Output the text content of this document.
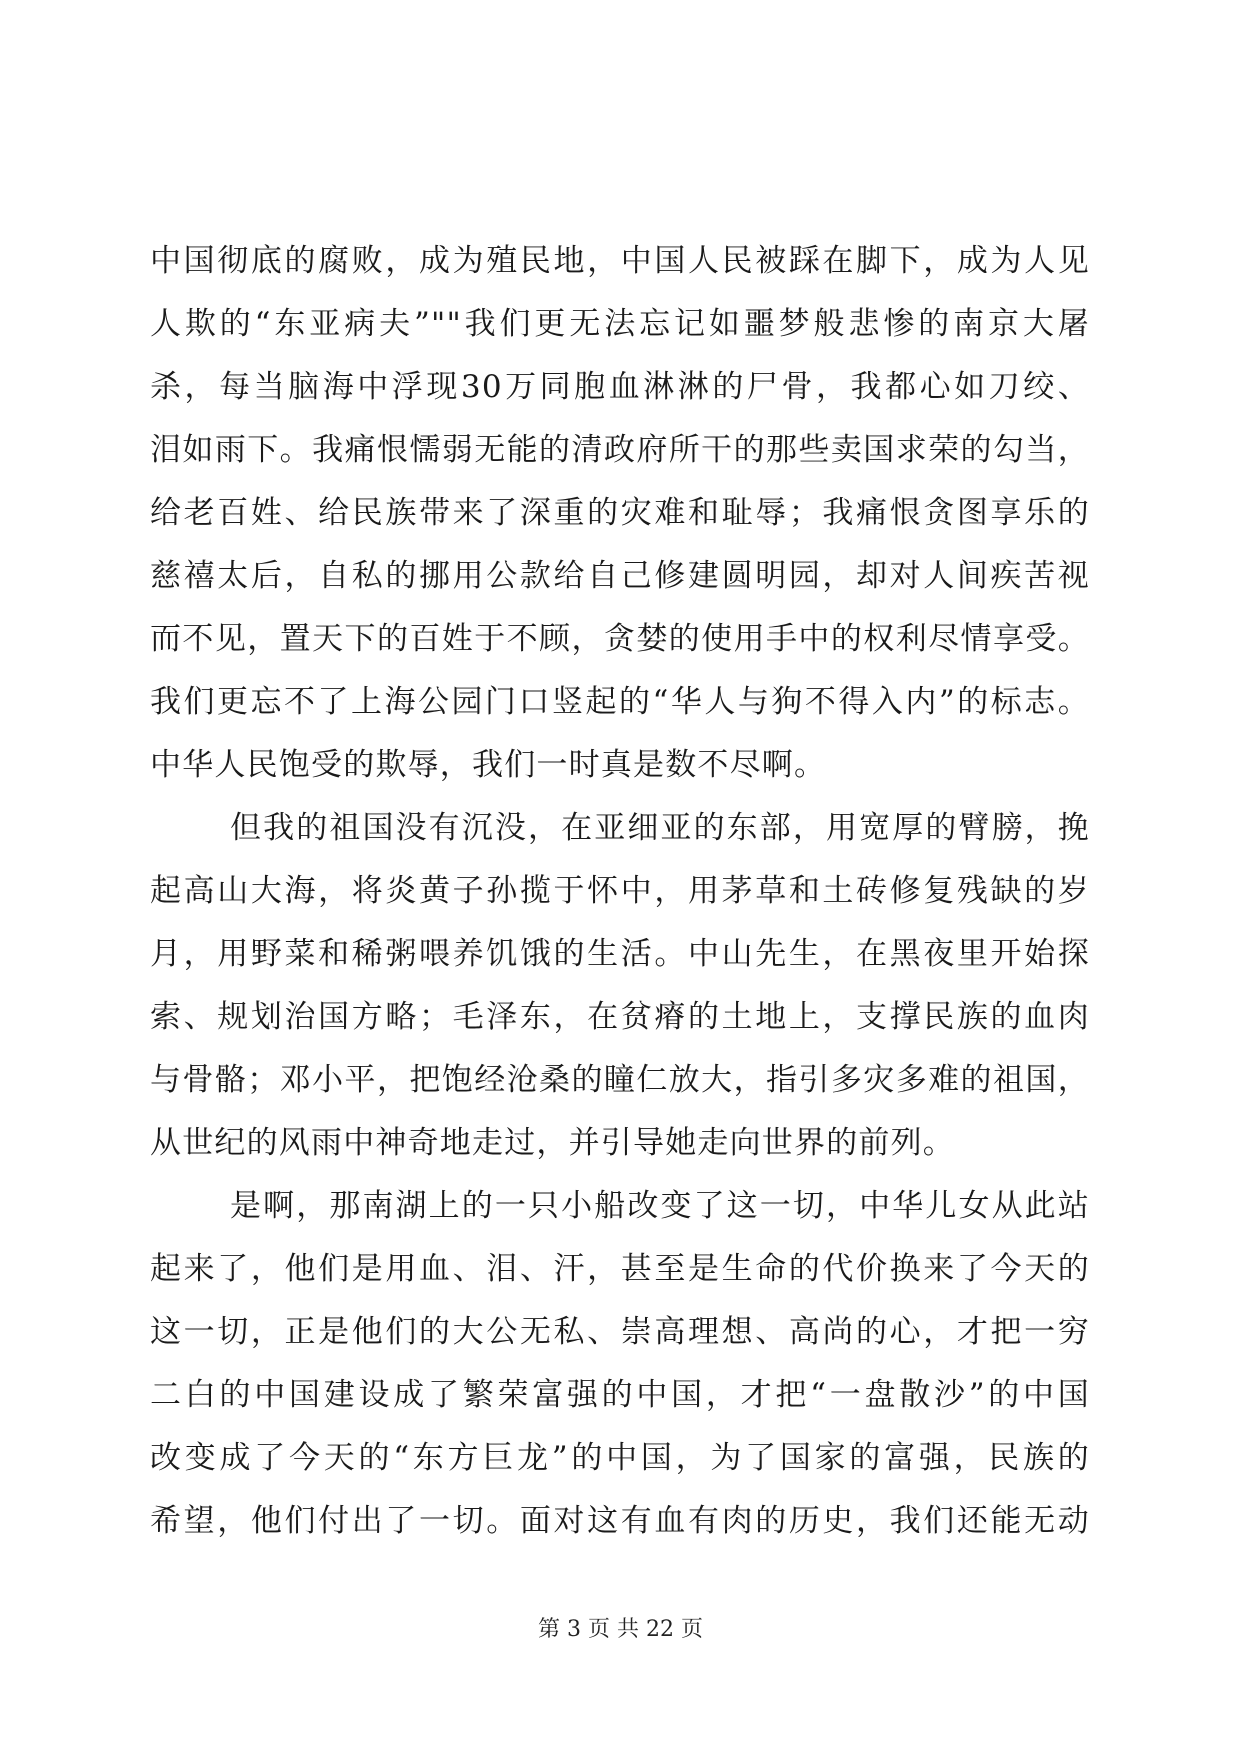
中国彻底的腐败，成为殖民地，中国人民被踩在脚下，成为人见
人欺的“东亚病夫”""我们更无法忘记如噩梦般悲惨的南京大屠
杀，每当脑海中浮现30万同胞血淋淋的尸骨，我都心如刀绞、
泪如雨下。我痛恨懦弱无能的清政府所干的那些卖国求荣的勾当，
给老百姓、给民族带来了深重的灾难和耻辱；我痛恨贪图享乐的
慈禧太后，自私的挪用公款给自己修建圆明园，却对人间疾苦视
而不见，置天下的百姓于不顾，贪婪的使用手中的权利尽情享受。
我们更忘不了上海公园门口竖起的“华人与狗不得入内”的标志。
中华人民饱受的欺辱，我们一时真是数不尽啊。
但我的祖国没有沉没，在亚细亚的东部，用宽厚的臂膀，挽
起高山大海，将炎黄子孙揽于怀中，用茅草和土砖修复残缺的岁
月，用野菜和稀粥喂养饥饿的生活。中山先生，在黑夜里开始探
索、规划治国方略；毛泽东，在贫瘠的土地上，支撑民族的血肉
与骨骼；邓小平，把饱经沧桑的瞳仁放大，指引多灾多难的祖国，
从世纪的风雨中神奇地走过，并引导她走向世界的前列。
是啊，那南湖上的一只小船改变了这一切，中华儿女从此站
起来了，他们是用血、泪、汗，甚至是生命的代价换来了今天的
这一切，正是他们的大公无私、崇高理想、高尚的心，才把一穷
二白的中国建设成了繁荣富强的中国，才把“一盘散沙”的中国
改变成了今天的“东方巨龙”的中国，为了国家的富强，民族的
希望，他们付出了一切。面对这有血有肉的历史，我们还能无动
第 3 页 共 22 页
